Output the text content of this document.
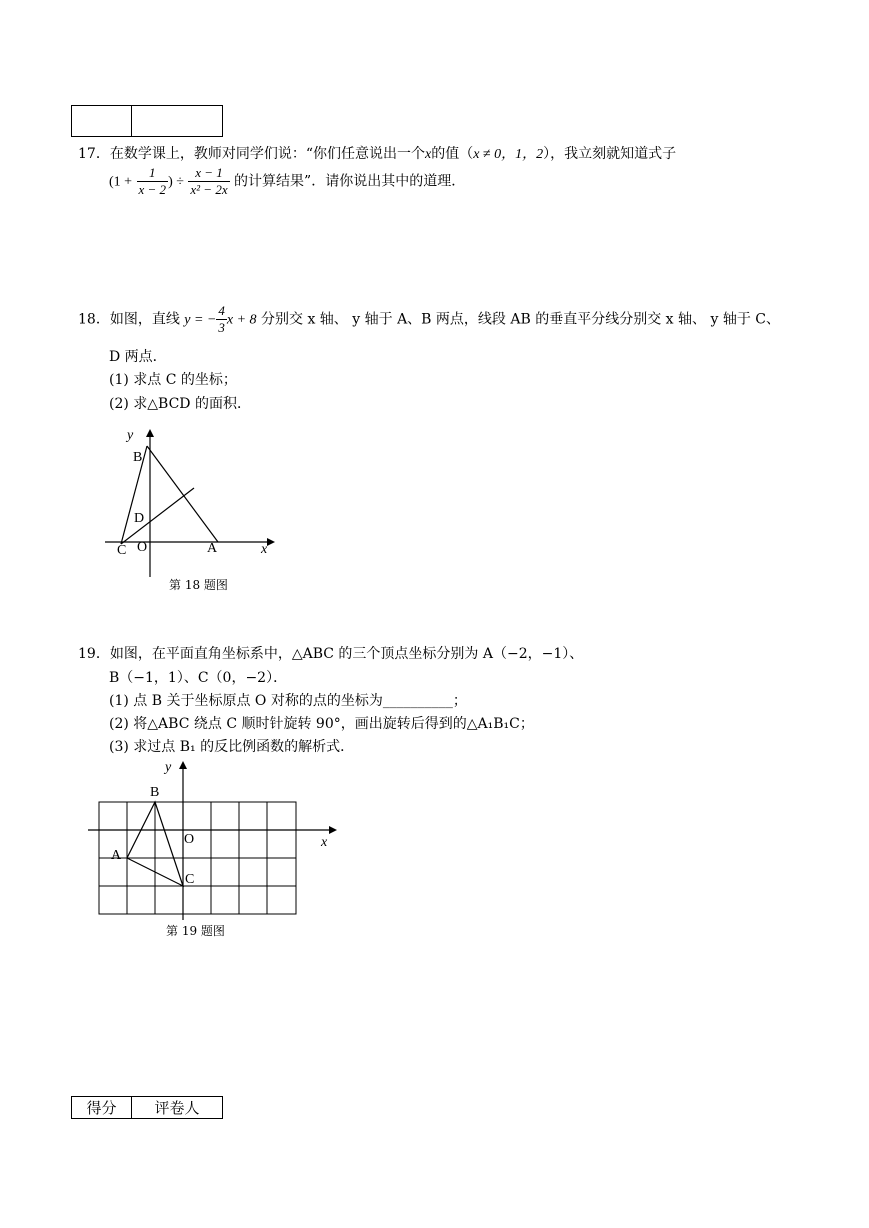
17．在数学课上，教师对同学们说：“你们任意说出一个x的值（x ≠ 0，1，2），我立刻就知道式子
($1 + \frac{1}{x - 2}$ ) ÷ $\frac{x - 1}{\text{x² − 2x}}$ 的计算结果”．请你说出其中的道理．
18．如图，直线 y = − $\frac{4}{3}$ x + 8 分别交 x 轴、 y 轴于 A、B 两点，线段 AB 的垂直平分线分别交 x 轴、 y 轴于 C、
D 两点．
(1) 求点 C 的坐标；
(2) 求△BCD 的面积．
y
x
B
D
C O	A
第 18 题图
19．如图，在平面直角坐标系中，△ABC 的三个顶点坐标分别为 A（−2，−1）、
B（−1，1）、C（0，−2）．
(1) 点 B 关于坐标原点 O 对称的点的坐标为__________；
(2) 将△ABC 绕点 C 顺时针旋转 90°，画出旋转后得到的△A₁B₁C；
(3) 求过点 B₁ 的反比例函数的解析式．
y
x
B
O
A
C
第 19 题图
得分	评卷人
